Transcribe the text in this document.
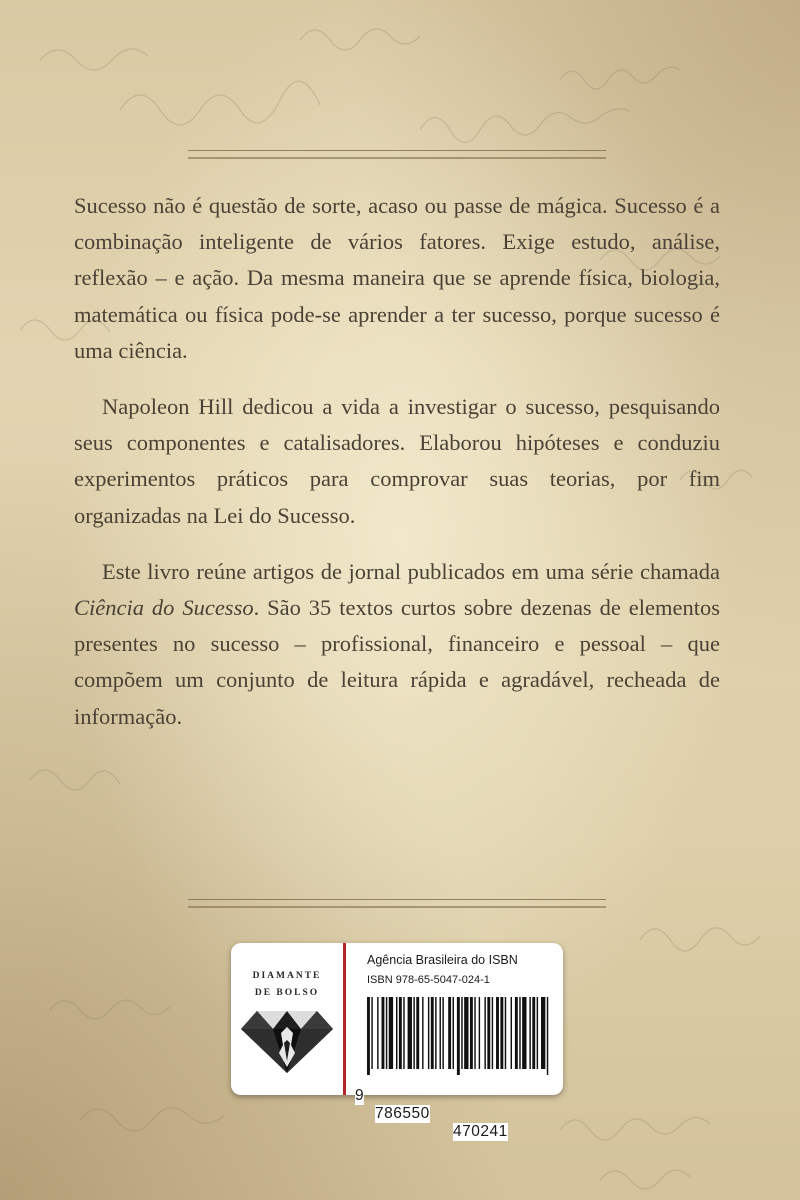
Sucesso não é questão de sorte, acaso ou passe de mágica. Sucesso é a combinação inteligente de vários fatores. Exige estudo, análise, reflexão – e ação. Da mesma maneira que se aprende física, biologia, matemática ou física pode-se aprender a ter sucesso, porque sucesso é uma ciência.

Napoleon Hill dedicou a vida a investigar o sucesso, pesquisando seus componentes e catalisadores. Elaborou hipóteses e conduziu experimentos práticos para comprovar suas teorias, por fim organizadas na Lei do Sucesso.

Este livro reúne artigos de jornal publicados em uma série chamada Ciência do Sucesso. São 35 textos curtos sobre dezenas de elementos presentes no sucesso – profissional, financeiro e pessoal – que compõem um conjunto de leitura rápida e agradável, recheada de informação.

DIAMANTE
DE BOLSO
Agência Brasileira do ISBN
ISBN 978-65-5047-024-1

9

786550

470241
